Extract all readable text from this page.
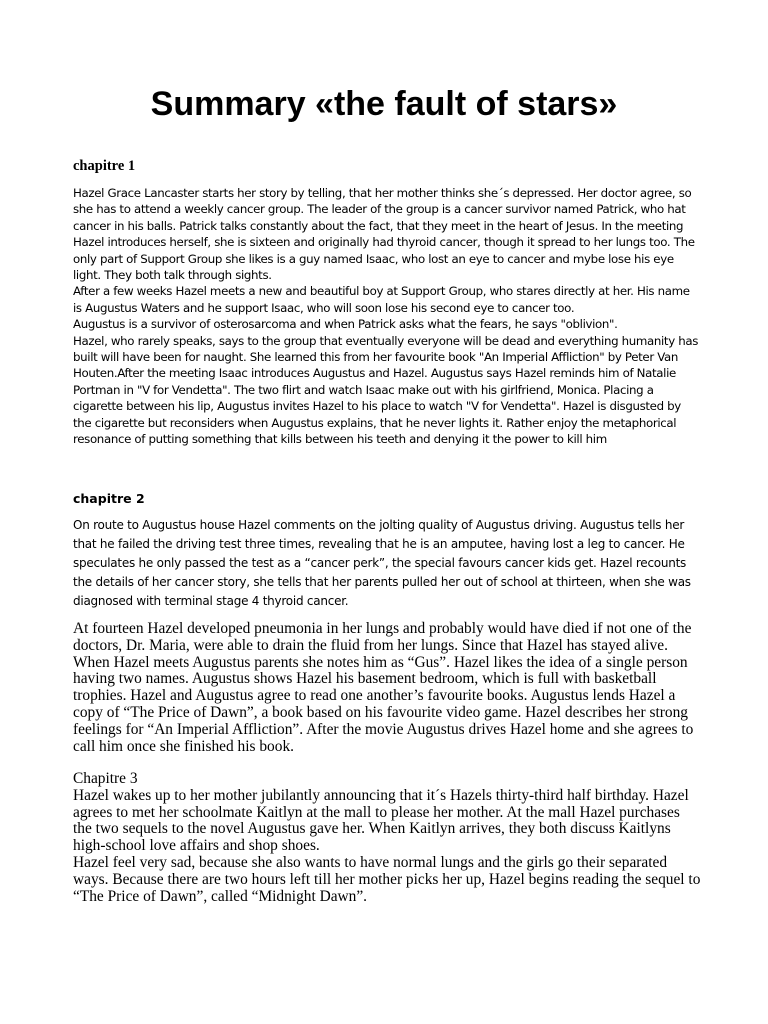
Summary «the fault of stars»
chapitre 1

Hazel Grace Lancaster starts her story by telling, that her mother thinks she´s depressed. Her doctor agree, so she has to attend a weekly cancer group. The leader of the group is a cancer survivor named Patrick, who hat cancer in his balls. Patrick talks constantly about the fact, that they meet in the heart of Jesus. In the meeting Hazel introduces herself, she is sixteen and originally had thyroid cancer, though it spread to her lungs too. The only part of Support Group she likes is a guy named Isaac, who lost an eye to cancer and mybe lose his eye light. They both talk through sights.

After a few weeks Hazel meets a new and beautiful boy at Support Group, who stares directly at her. His name is Augustus Waters and he support Isaac, who will soon lose his second eye to cancer too.

Augustus is a survivor of osterosarcoma and when Patrick asks what the fears, he says "oblivion".

Hazel, who rarely speaks, says to the group that eventually everyone will be dead and everything humanity has built will have been for naught. She learned this from her favourite book "An Imperial Affliction" by Peter Van Houten.After the meeting Isaac introduces Augustus and Hazel. Augustus says Hazel reminds him of Natalie Portman in "V for Vendetta". The two flirt and watch Isaac make out with his girlfriend, Monica. Placing a cigarette between his lip, Augustus invites Hazel to his place to watch "V for Vendetta". Hazel is disgusted by the cigarette but reconsiders when Augustus explains, that he never lights it. Rather enjoy the metaphorical resonance of putting something that kills between his teeth and denying it the power to kill him

chapitre 2

On route to Augustus house Hazel comments on the jolting quality of Augustus driving. Augustus tells her that he failed the driving test three times, revealing that he is an amputee, having lost a leg to cancer. He speculates he only passed the test as a “cancer perk”, the special favours cancer kids get. Hazel recounts the details of her cancer story, she tells that her parents pulled her out of school at thirteen, when she was diagnosed with terminal stage 4 thyroid cancer.

At fourteen Hazel developed pneumonia in her lungs and probably would have died if not one of the doctors, Dr. Maria, were able to drain the fluid from her lungs. Since that Hazel has stayed alive. When Hazel meets Augustus parents she notes him as “Gus”. Hazel likes the idea of a single person having two names. Augustus shows Hazel his basement bedroom, which is full with basketball trophies. Hazel and Augustus agree to read one another’s favourite books. Augustus lends Hazel a copy of “The Price of Dawn”, a book based on his favourite video game. Hazel describes her strong feelings for “An Imperial Affliction”. After the movie Augustus drives Hazel home and she agrees to call him once she finished his book.

Chapitre 3

Hazel wakes up to her mother jubilantly announcing that it´s Hazels thirty-third half birthday. Hazel agrees to met her schoolmate Kaitlyn at the mall to please her mother. At the mall Hazel purchases the two sequels to the novel Augustus gave her. When Kaitlyn arrives, they both discuss Kaitlyns high-school love affairs and shop shoes.

Hazel feel very sad, because she also wants to have normal lungs and the girls go their separated ways. Because there are two hours left till her mother picks her up, Hazel begins reading the sequel to “The Price of Dawn”, called “Midnight Dawn”.
